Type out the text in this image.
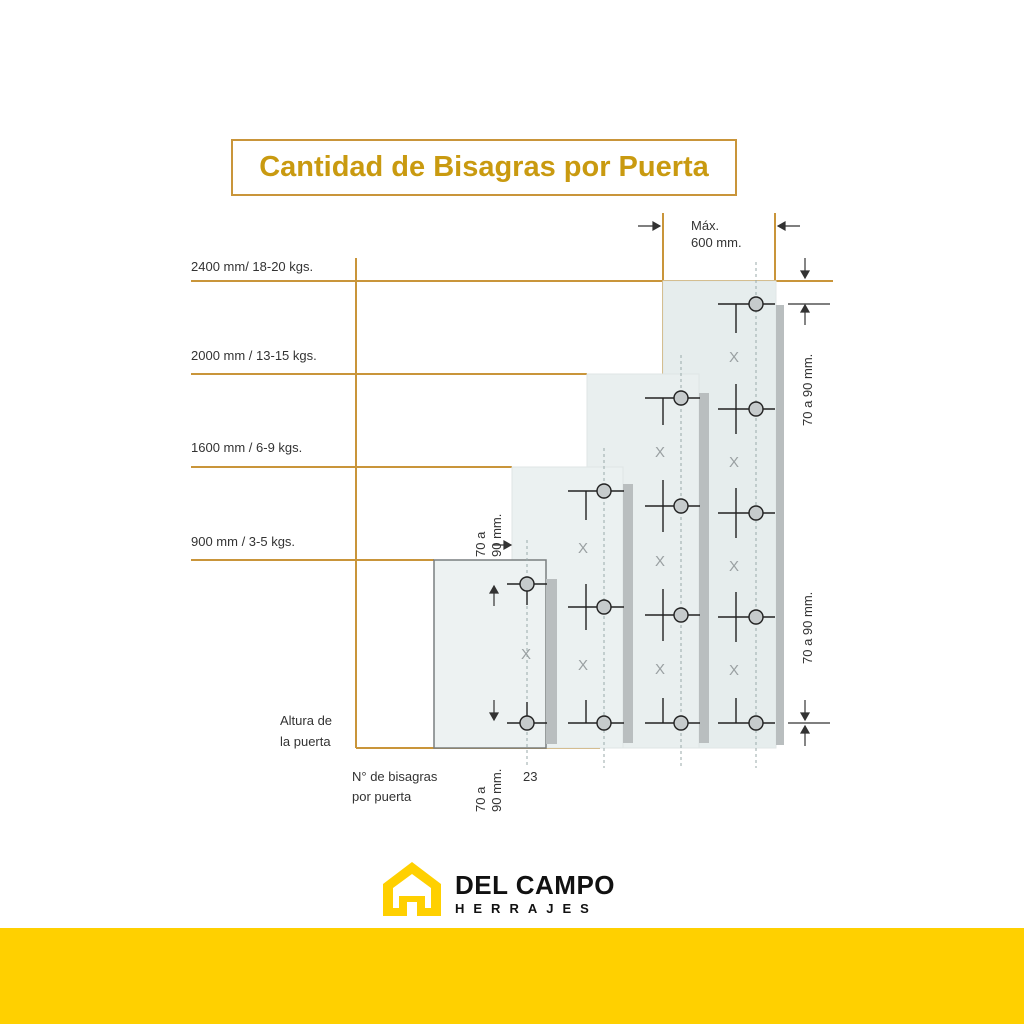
Cantidad de Bisagras por Puerta
X
X
X
X
X
X
X
X
X
X
2400 mm/ 18-20 kgs.
2000 mm / 13-15 kgs.
1600 mm / 6-9 kgs.
900 mm / 3-5 kgs.
Máx.
600 mm.
Altura de
la puerta
N° de bisagras
por puerta
23
70 a 90 mm.
70 a 90 mm.
70 a 90 mm.
70 a 90 mm.
DEL CAMPO
HERRAJES
